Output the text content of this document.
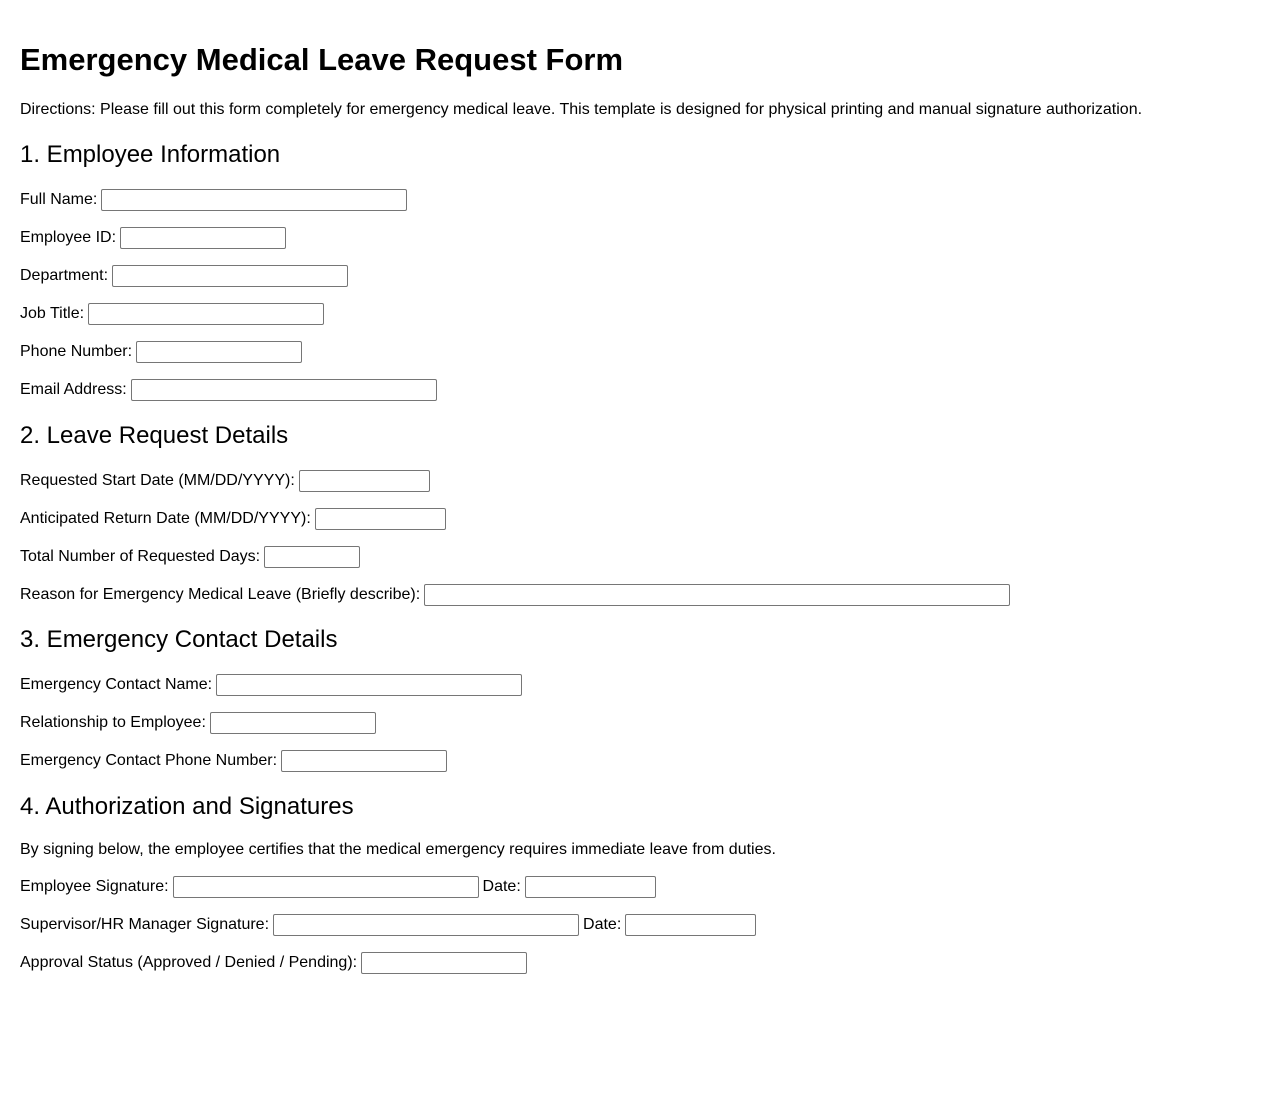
Emergency Medical Leave Request Form

Directions: Please fill out this form completely for emergency medical leave. This template is designed for physical printing and manual signature authorization.

1. Employee Information
Full Name:
Employee ID:
Department:
Job Title:
Phone Number:
Email Address:
2. Leave Request Details
Requested Start Date (MM/DD/YYYY):
Anticipated Return Date (MM/DD/YYYY):
Total Number of Requested Days:
Reason for Emergency Medical Leave (Briefly describe):
3. Emergency Contact Details
Emergency Contact Name:
Relationship to Employee:
Emergency Contact Phone Number:
4. Authorization and Signatures

By signing below, the employee certifies that the medical emergency requires immediate leave from duties.

Employee Signature:	Date:
Supervisor/HR Manager Signature:	Date:
Approval Status (Approved / Denied / Pending):
